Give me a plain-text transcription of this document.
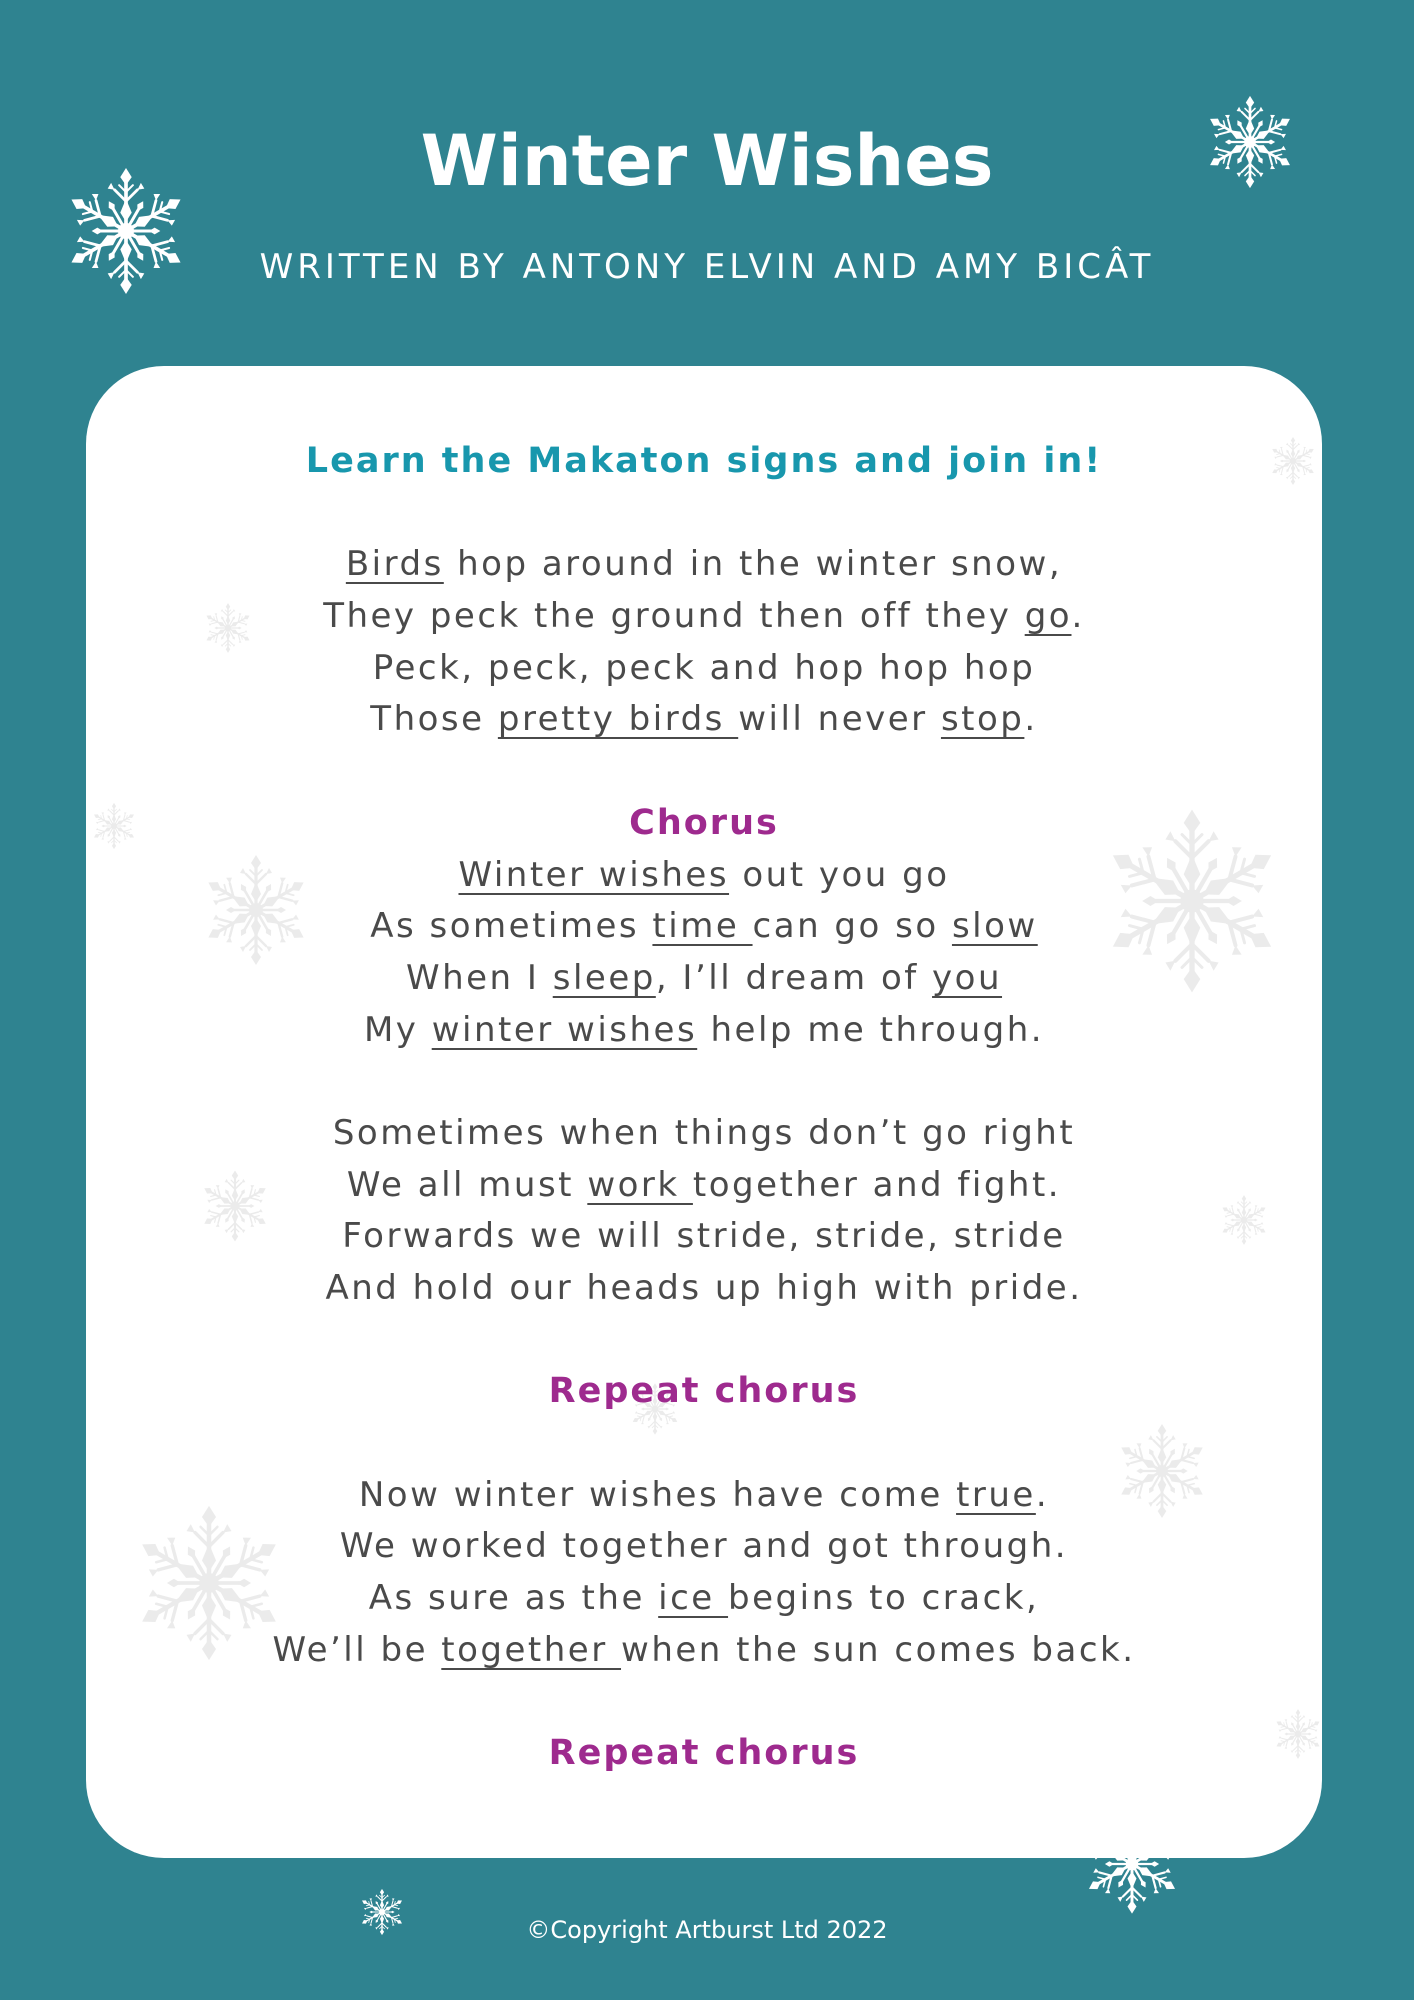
Winter Wishes
WRITTEN BY ANTONY ELVIN AND AMY BICÂT
Learn the Makaton signs and join in!
Birds hop around in the winter snow,
They peck the ground then off they go.
Peck, peck, peck and hop hop hop
Those pretty birds will never stop.
Chorus
Winter wishes out you go
As sometimes time can go so slow
When I sleep, I’ll dream of you
My winter wishes help me through.
Sometimes when things don’t go right
We all must work together and fight.
Forwards we will stride, stride, stride
And hold our heads up high with pride.
Repeat chorus
Now winter wishes have come true.
We worked together and got through.
As sure as the ice begins to crack,
We’ll be together when the sun comes back.
Repeat chorus
©Copyright Artburst Ltd 2022
